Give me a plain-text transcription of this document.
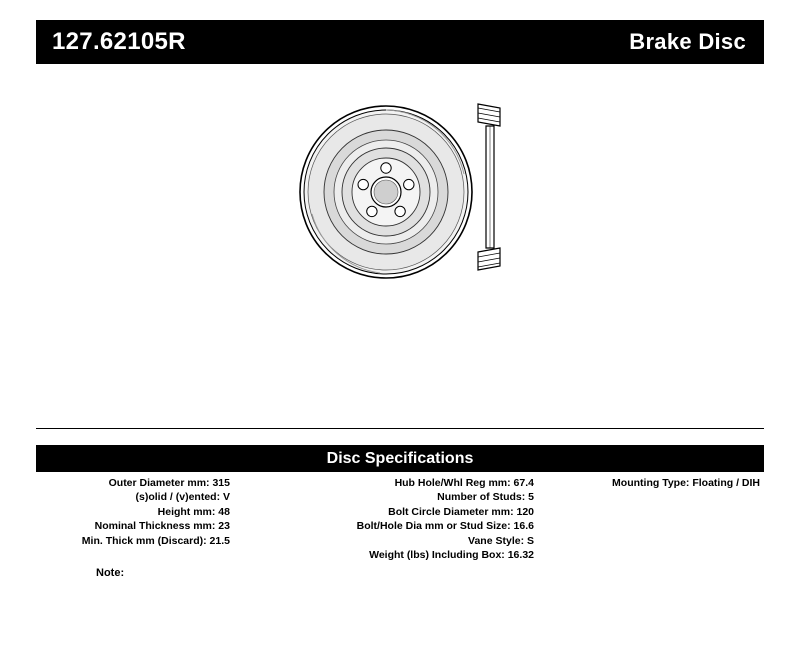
127.62105R	Brake Disc
Disc Specifications
Outer Diameter mm: 315
(s)olid / (v)ented: V
Height mm: 48
Nominal Thickness mm: 23
Min. Thick mm (Discard): 21.5
Hub Hole/Whl Reg mm: 67.4
Number of Studs: 5
Bolt Circle Diameter mm: 120
Bolt/Hole Dia mm or Stud Size: 16.6
Vane Style: S
Weight (lbs) Including Box: 16.32
Mounting Type: Floating / DIH
Note:
